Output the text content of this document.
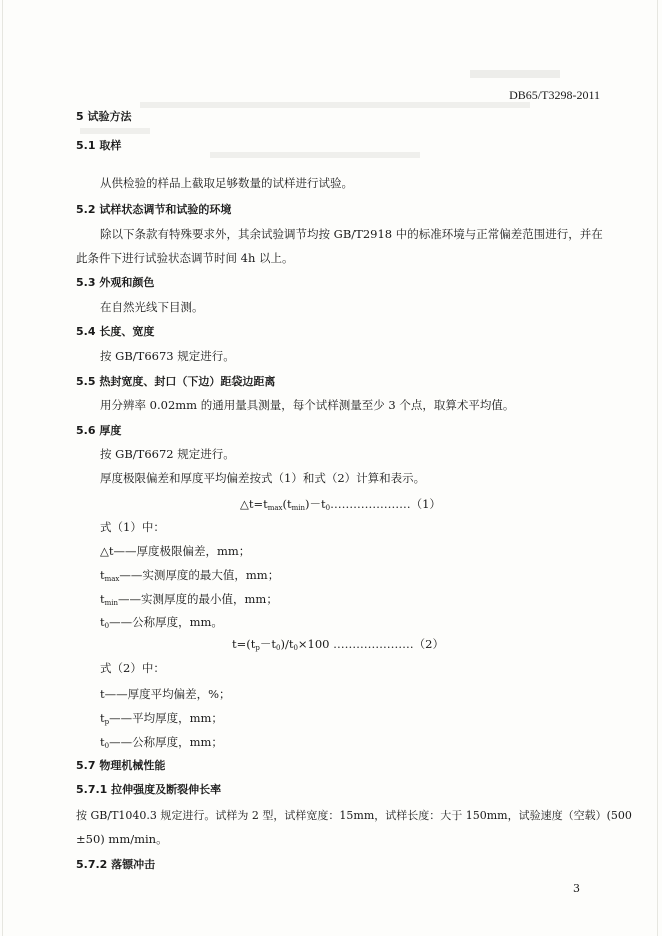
DB65/T3298-2011
5 试验方法
5.1 取样
从供检验的样品上截取足够数量的试样进行试验。
5.2 试样状态调节和试验的环境
除以下条款有特殊要求外，其余试验调节均按 GB/T2918 中的标准环境与正常偏差范围进行，并在
此条件下进行试验状态调节时间 4h 以上。
5.3 外观和颜色
在自然光线下目测。
5.4 长度、宽度
按 GB/T6673 规定进行。
5.5 热封宽度、封口（下边）距袋边距离
用分辨率 0.02mm 的通用量具测量，每个试样测量至少 3 个点，取算术平均值。
5.6 厚度
按 GB/T6672 规定进行。
厚度极限偏差和厚度平均偏差按式（1）和式（2）计算和表示。
$\triangle t=t_{max}(t_{min})-t_0\dots\dots\dots\dots\dots\dots\dots(1)$
式（1）中：
△t——厚度极限偏差，mm；
$t_{max}——$实测厚度的最大值，mm；
$t_{min}——$实测厚度的最小值，mm；
$t_0——$公称厚度，mm。
$t=(t_p-t_0)/t_0\times 100$ …………………（2）
式（2）中：
t——厚度平均偏差，%；
$t_p——$平均厚度，mm；
$t_0——$公称厚度，mm；
5.7 物理机械性能
5.7.1 拉伸强度及断裂伸长率
按 GB/T1040.3 规定进行。试样为 2 型，试样宽度：15mm，试样长度：大于 150mm，试验速度（空载）(500
±50) mm/min。
5.7.2 落镖冲击
3
